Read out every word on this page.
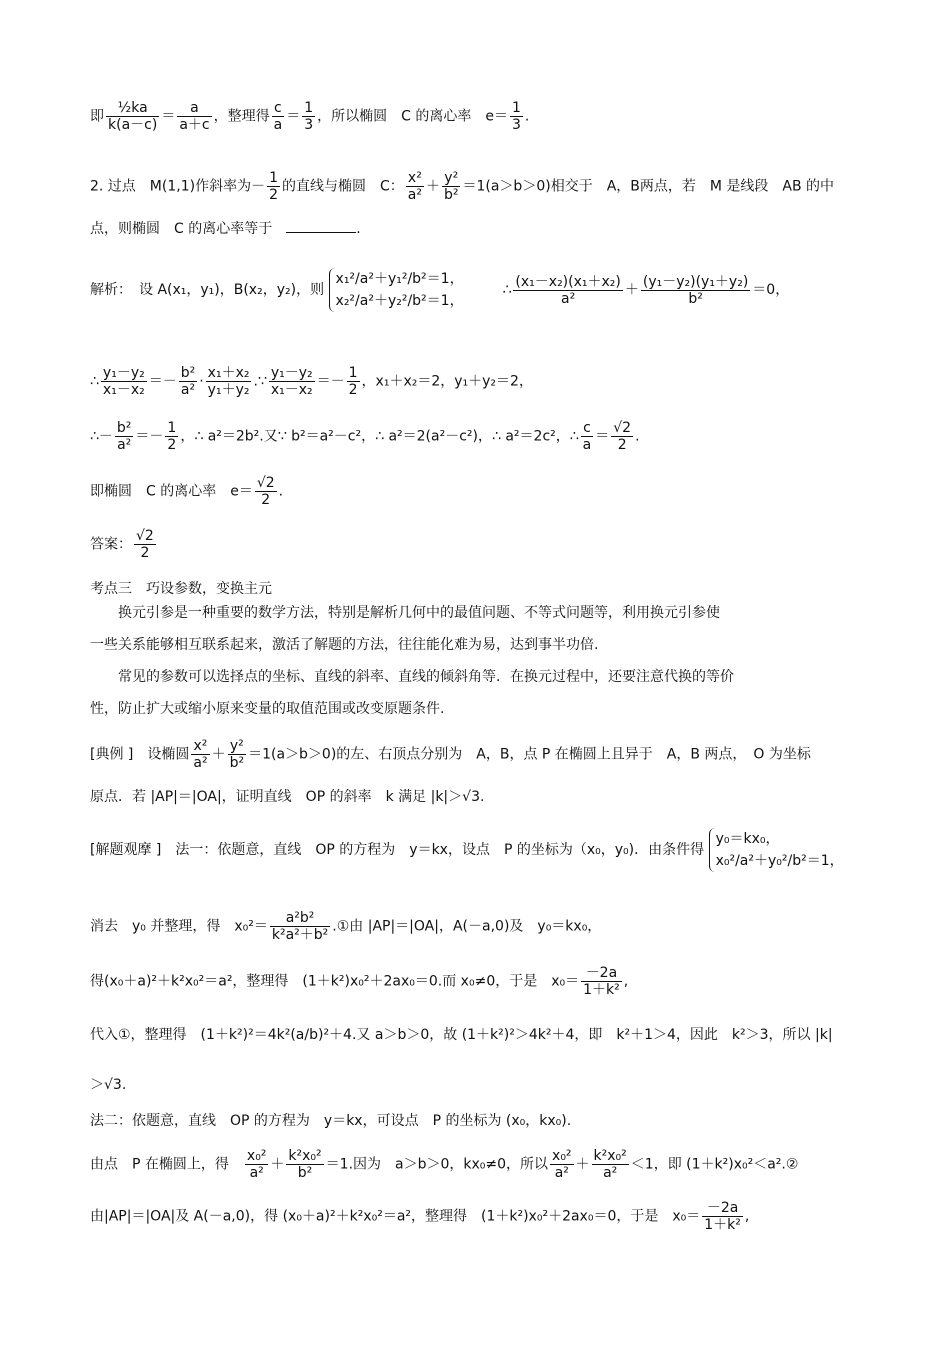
即 $\frac{\text{½ka}}{k(a-c)} = \frac{a}{a+c}$ ，整理得 $\frac{c}{a} = \frac{1}{3}$ ，所以椭圆　C 的离心率　$e= \frac{1}{3}$ .
2. 过点　M(1,1)作斜率为－ $\frac{1}{2}$ 的直线与椭圆　C： $\frac{\text{x²}}{\text{a²}} + \frac{\text{y²}}{\text{b²}} =1(a>b>0)$相交于　A，B两点，若　M 是线段　AB 的中
点，则椭圆　C 的离心率等于　	.
解析：　设 A(x₁，y₁)，B(x₂，y₂)，则
x₁²/a²＋y₁²/b²＝1，
x₂²/a²＋y₂²/b²＝1，
∴ $\frac{\text{(x₁－x₂)(x₁＋x₂)}}{\text{a²}} + \frac{\text{(y₁－y₂)(y₁＋y₂)}}{\text{b²}} =0$，
∴ $\frac{\text{y₁－y₂}}{\text{x₁－x₂}} =- \frac{\text{b²}}{\text{a²}} \cdot \frac{\text{x₁＋x₂}}{\text{y₁＋y₂}}$ .∵ $\frac{\text{y₁－y₂}}{\text{x₁－x₂}} =- \frac{1}{2}$ ，x₁＋x₂＝2，y₁＋y₂＝2，
∴－ $\frac{\text{b²}}{\text{a²}} =- \frac{1}{2}$ ，∴ a²＝2b².又∵ b²＝a²－c²，∴ a²＝2(a²－c²)，∴ a²＝2c²，∴ $\frac{c}{a} = \frac{√2}{2}$ .
即椭圆　C 的离心率　$e= \frac{√2}{2}$ .
答案： $\frac{√2}{2}$
考点三　巧设参数，变换主元
换元引参是一种重要的数学方法，特别是解析几何中的最值问题、不等式问题等，利用换元引参使
一些关系能够相互联系起来，激活了解题的方法，往往能化难为易，达到事半功倍.
常见的参数可以选择点的坐标、直线的斜率、直线的倾斜角等．在换元过程中，还要注意代换的等价
性，防止扩大或缩小原来变量的取值范围或改变原题条件.
[典例 ]　设椭圆 $\frac{\text{x²}}{\text{a²}} + \frac{\text{y²}}{\text{b²}} =1(a>b>0)$的左、右顶点分别为　A，B，点 P 在椭圆上且异于　A，B 两点，　O 为坐标
原点．若 |AP|＝|OA|，证明直线　OP 的斜率　k 满足 |k|＞√3.
[解题观摩 ]　法一：依题意，直线　OP 的方程为　y＝kx，设点　P 的坐标为（x₀，y₀)．由条件得
y₀＝kx₀，
x₀²/a²＋y₀²/b²＝1，
消去　y₀ 并整理，得　$x_0^2= \frac{\text{a²b²}}{\text{k²a²＋b²}}$ .①由 |AP|＝|OA|，A(－a,0)及　y₀＝kx₀，
得(x₀＋a)²＋k²x₀²＝a²，整理得　(1＋k²)x₀²＋2ax₀＝0.而 x₀≠0，于是　$x_0= \frac{-2a}{\text{1＋k²}}$ ,
代入①，整理得　(1＋k²)²＝4k²(a/b)²＋4.又 a＞b＞0，故 (1＋k²)²＞4k²＋4，即　k²＋1＞4，因此　k²＞3，所以 |k|
＞√3.
法二：依题意，直线　OP 的方程为　y＝kx，可设点　P 的坐标为 (x₀，kx₀).
由点　P 在椭圆上，得　 $\frac{\text{x₀²}}{\text{a²}} + \frac{\text{k²x₀²}}{\text{b²}} =1$.因为　a＞b＞0，kx₀≠0，所以 $\frac{\text{x₀²}}{\text{a²}} + \frac{\text{k²x₀²}}{\text{a²}} <1$，即 (1＋k²)x₀²＜a².②
由|AP|＝|OA|及 A(－a,0)，得 (x₀＋a)²＋k²x₀²＝a²，整理得　(1＋k²)x₀²＋2ax₀＝0，于是　$x_0= \frac{-2a}{\text{1＋k²}}$ ,
